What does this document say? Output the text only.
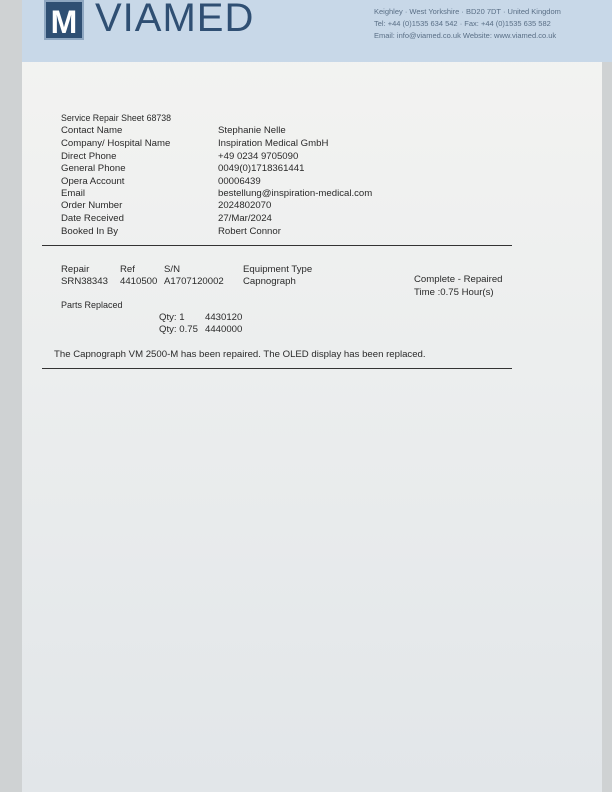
M VIAMED	Keighley · West Yorkshire · BD20 7DT · United Kingdom
Tel: +44 (0)1535 634 542 · Fax: +44 (0)1535 635 582
Email: info@viamed.co.uk Website: www.viamed.co.uk
Service Repair Sheet 68738
Contact Name	Stephanie Nelle
Company/ Hospital Name	Inspiration Medical GmbH
Direct Phone	+49 0234 9705090
General Phone	0049(0)1718361441
Opera Account	00006439
Email	bestellung@inspiration-medical.com
Order Number	2024802070
Date Received	27/Mar/2024
Booked In By	Robert Connor
Repair	Ref	S/N	Equipment Type
SRN38343 4410500 A1707120002 Capnograph	Complete - Repaired
Time :0.75 Hour(s)
Parts Replaced
Qty: 1 4430120
Qty: 0.75 4440000
The Capnograph VM 2500-M has been repaired. The OLED display has been replaced.
